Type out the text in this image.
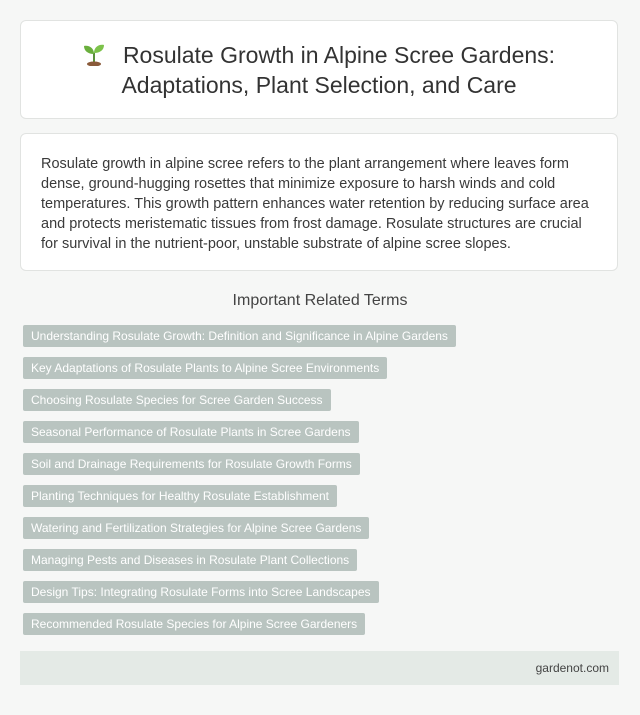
Rosulate Growth in Alpine Scree Gardens: Adaptations, Plant Selection, and Care

Rosulate growth in alpine scree refers to the plant arrangement where leaves form dense, ground-hugging rosettes that minimize exposure to harsh winds and cold temperatures. This growth pattern enhances water retention by reducing surface area and protects meristematic tissues from frost damage. Rosulate structures are crucial for survival in the nutrient-poor, unstable substrate of alpine scree slopes.

Important Related Terms
Understanding Rosulate Growth: Definition and Significance in Alpine Gardens
Key Adaptations of Rosulate Plants to Alpine Scree Environments
Choosing Rosulate Species for Scree Garden Success
Seasonal Performance of Rosulate Plants in Scree Gardens
Soil and Drainage Requirements for Rosulate Growth Forms
Planting Techniques for Healthy Rosulate Establishment
Watering and Fertilization Strategies for Alpine Scree Gardens
Managing Pests and Diseases in Rosulate Plant Collections
Design Tips: Integrating Rosulate Forms into Scree Landscapes
Recommended Rosulate Species for Alpine Scree Gardeners
gardenot.com
